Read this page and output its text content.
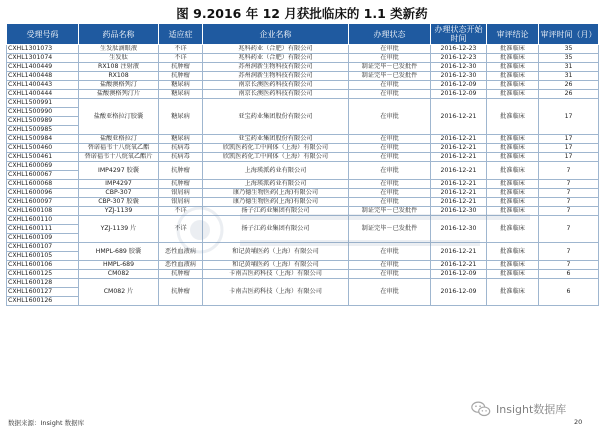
图 9.2016 年 12 月获批临床的 1.1 类新药
受理号码	药品名称	适应症	企业名称	办理状态	办理状态开始时间	审评结论	审评时间（月）
CXHL1301073	生发肽滴眼液	不详	兆科药业（合肥）有限公司	在审批	2016-12-23	批准临床	35
CXHL1301074	生发肽	不详	兆科药业（合肥）有限公司	在审批	2016-12-23	批准临床	35
CXHL1400449	RX108 注射液	抗肿瘤	苏州润新生物科技有限公司	制证完毕－已发批件	2016-12-30	批准临床	31
CXHL1400448	RX108	抗肿瘤	苏州润新生物科技有限公司	制证完毕－已发批件	2016-12-30	批准临床	31
CXHL1400443	盐酸澳格列汀	糖尿病	南京长澳医药科技有限公司	在审批	2016-12-09	批准临床	26
CXHL1400444	盐酸澳格列汀片	糖尿病	南京长澳医药科技有限公司	在审批	2016-12-09	批准临床	26
CXHL1500991	盐酸亚格拉汀胶囊	糖尿病	亚宝药业集团股份有限公司	在审批	2016-12-21	批准临床	17
CXHL1500990							
CXHL1500989							
CXHL1500985							
CXHL1500984	盐酸亚格拉汀	糖尿病	亚宝药业集团股份有限公司	在审批	2016-12-21	批准临床	17
CXHL1500460	替诺福韦十八烷氧乙酯	抗病毒	欣凯医药化工中间体（上海）有限公司	在审批	2016-12-21	批准临床	17
CXHL1500461	替诺福韦十八烷氧乙酯片	抗病毒	欣凯医药化工中间体（上海）有限公司	在审批	2016-12-21	批准临床	17
CXHL1600069	IMP4297 胶囊	抗肿瘤	上海瑛派药业有限公司	在审批	2016-12-21	批准临床	7
CXHL1600067							
CXHL1600068	IMP4297	抗肿瘤	上海瑛派药业有限公司	在审批	2016-12-21	批准临床	7
CXHL1600096	CBP-307	银屑病	康乃德生物医药(上海)有限公司	在审批	2016-12-21	批准临床	7
CXHL1600097	CBP-307 胶囊	银屑病	康乃德生物医药(上海)有限公司	在审批	2016-12-21	批准临床	7
CXHL1600108	YZJ-1139	不详	扬子江药业集团有限公司	制证完毕－已发批件	2016-12-30	批准临床	7
CXHL1600110	YZJ-1139 片	不详	扬子江药业集团有限公司	制证完毕－已发批件	2016-12-30	批准临床	7
CXHL1600111							
CXHL1600109							
CXHL1600107	HMPL-689 胶囊	恶性血液病	和记黄埔医药（上海）有限公司	在审批	2016-12-21	批准临床	7
CXHL1600105							
CXHL1600106	HMPL-689	恶性血液病	和记黄埔医药（上海）有限公司	在审批	2016-12-21	批准临床	7
CXHL1600125	CM082	抗肿瘤	卡南吉医药科技（上海）有限公司	在审批	2016-12-09	批准临床	6
CXHL1600128	CM082 片	抗肿瘤	卡南吉医药科技（上海）有限公司	在审批	2016-12-09	批准临床	6
CXHL1600127							
CXHL1600126							
数据来源：Insight 数据库
Insight数据库
20
